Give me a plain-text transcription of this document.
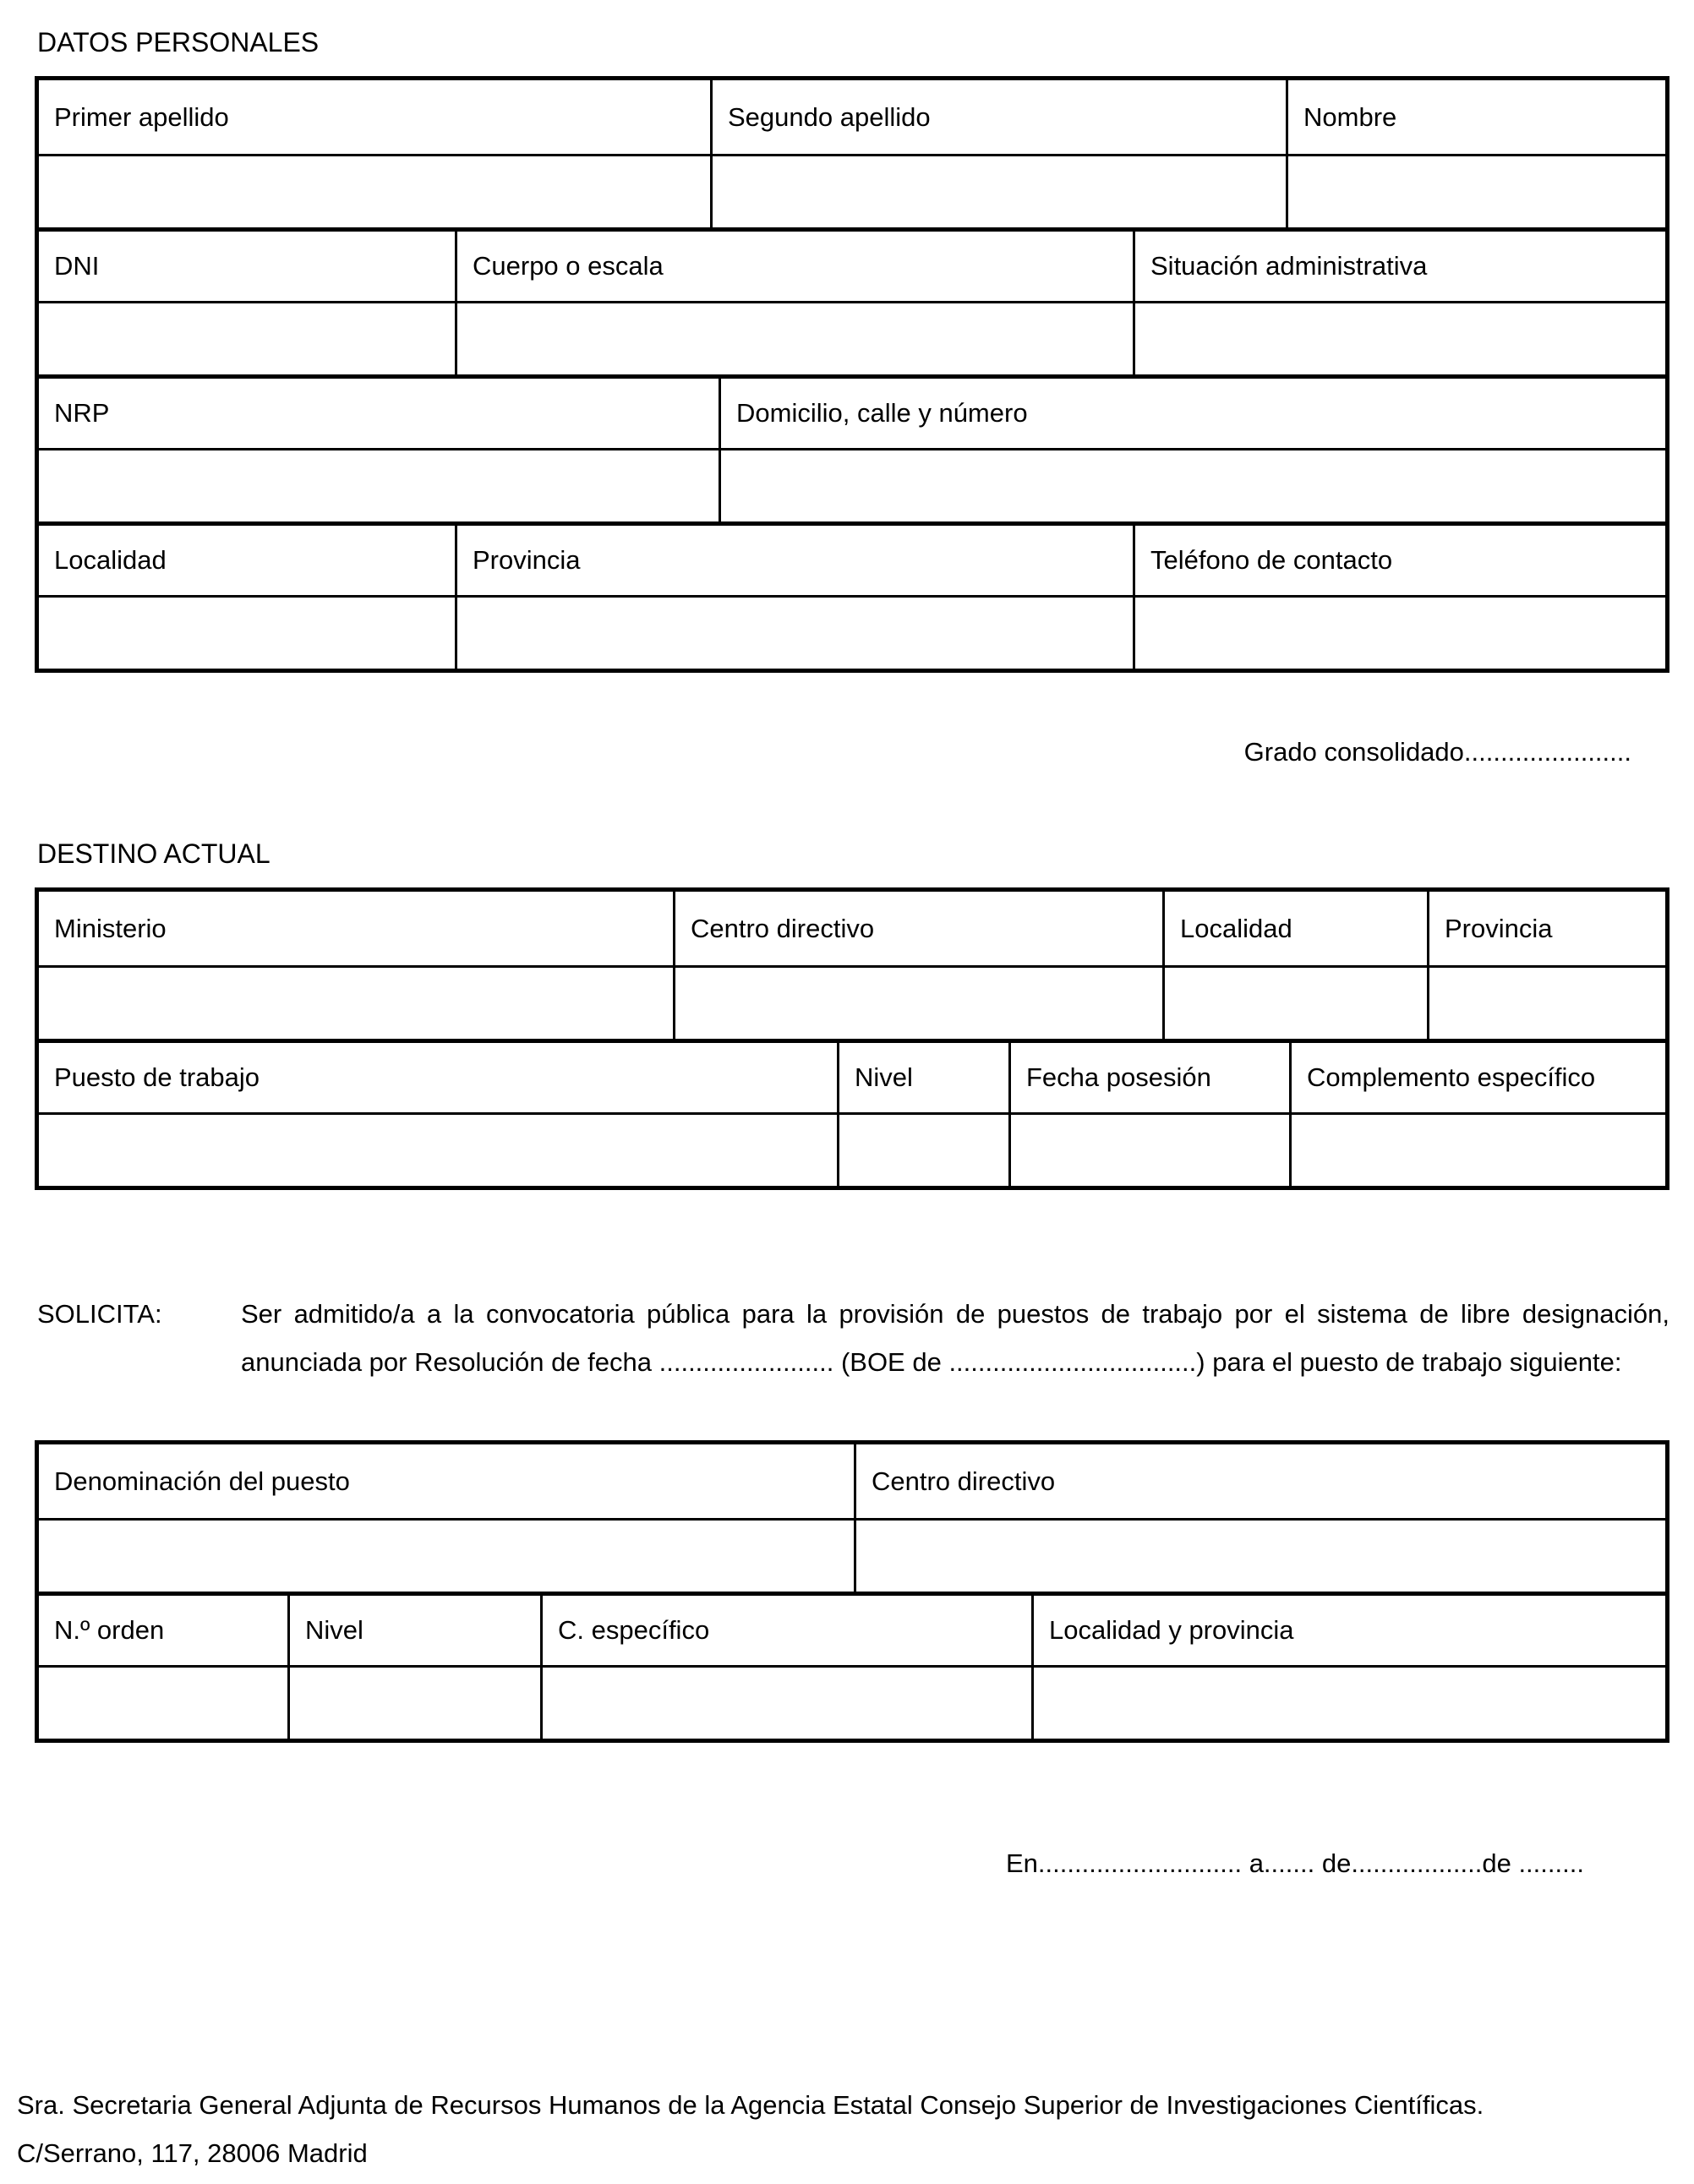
DATOS PERSONALES
Primer apellido	Segundo apellido	Nombre
DNI	Cuerpo o escala	Situación administrativa
NRP	Domicilio, calle y número
Localidad	Provincia	Teléfono de contacto
Grado consolidado.......................
DESTINO ACTUAL
Ministerio	Centro directivo	Localidad	Provincia
Puesto de trabajo	Nivel	Fecha posesión	Complemento específico
SOLICITA:	Ser admitido/a a la convocatoria pública para la provisión de puestos de trabajo por el sistema de libre designación,
anunciada por Resolución de fecha ........................ (BOE de ..................................) para el puesto de trabajo siguiente:
Denominación del puesto	Centro directivo
N.º orden	Nivel	C. específico	Localidad y provincia
En............................ a....... de..................de .........
Sra. Secretaria General Adjunta de Recursos Humanos de la Agencia Estatal Consejo Superior de Investigaciones Científicas.
C/Serrano, 117, 28006 Madrid
